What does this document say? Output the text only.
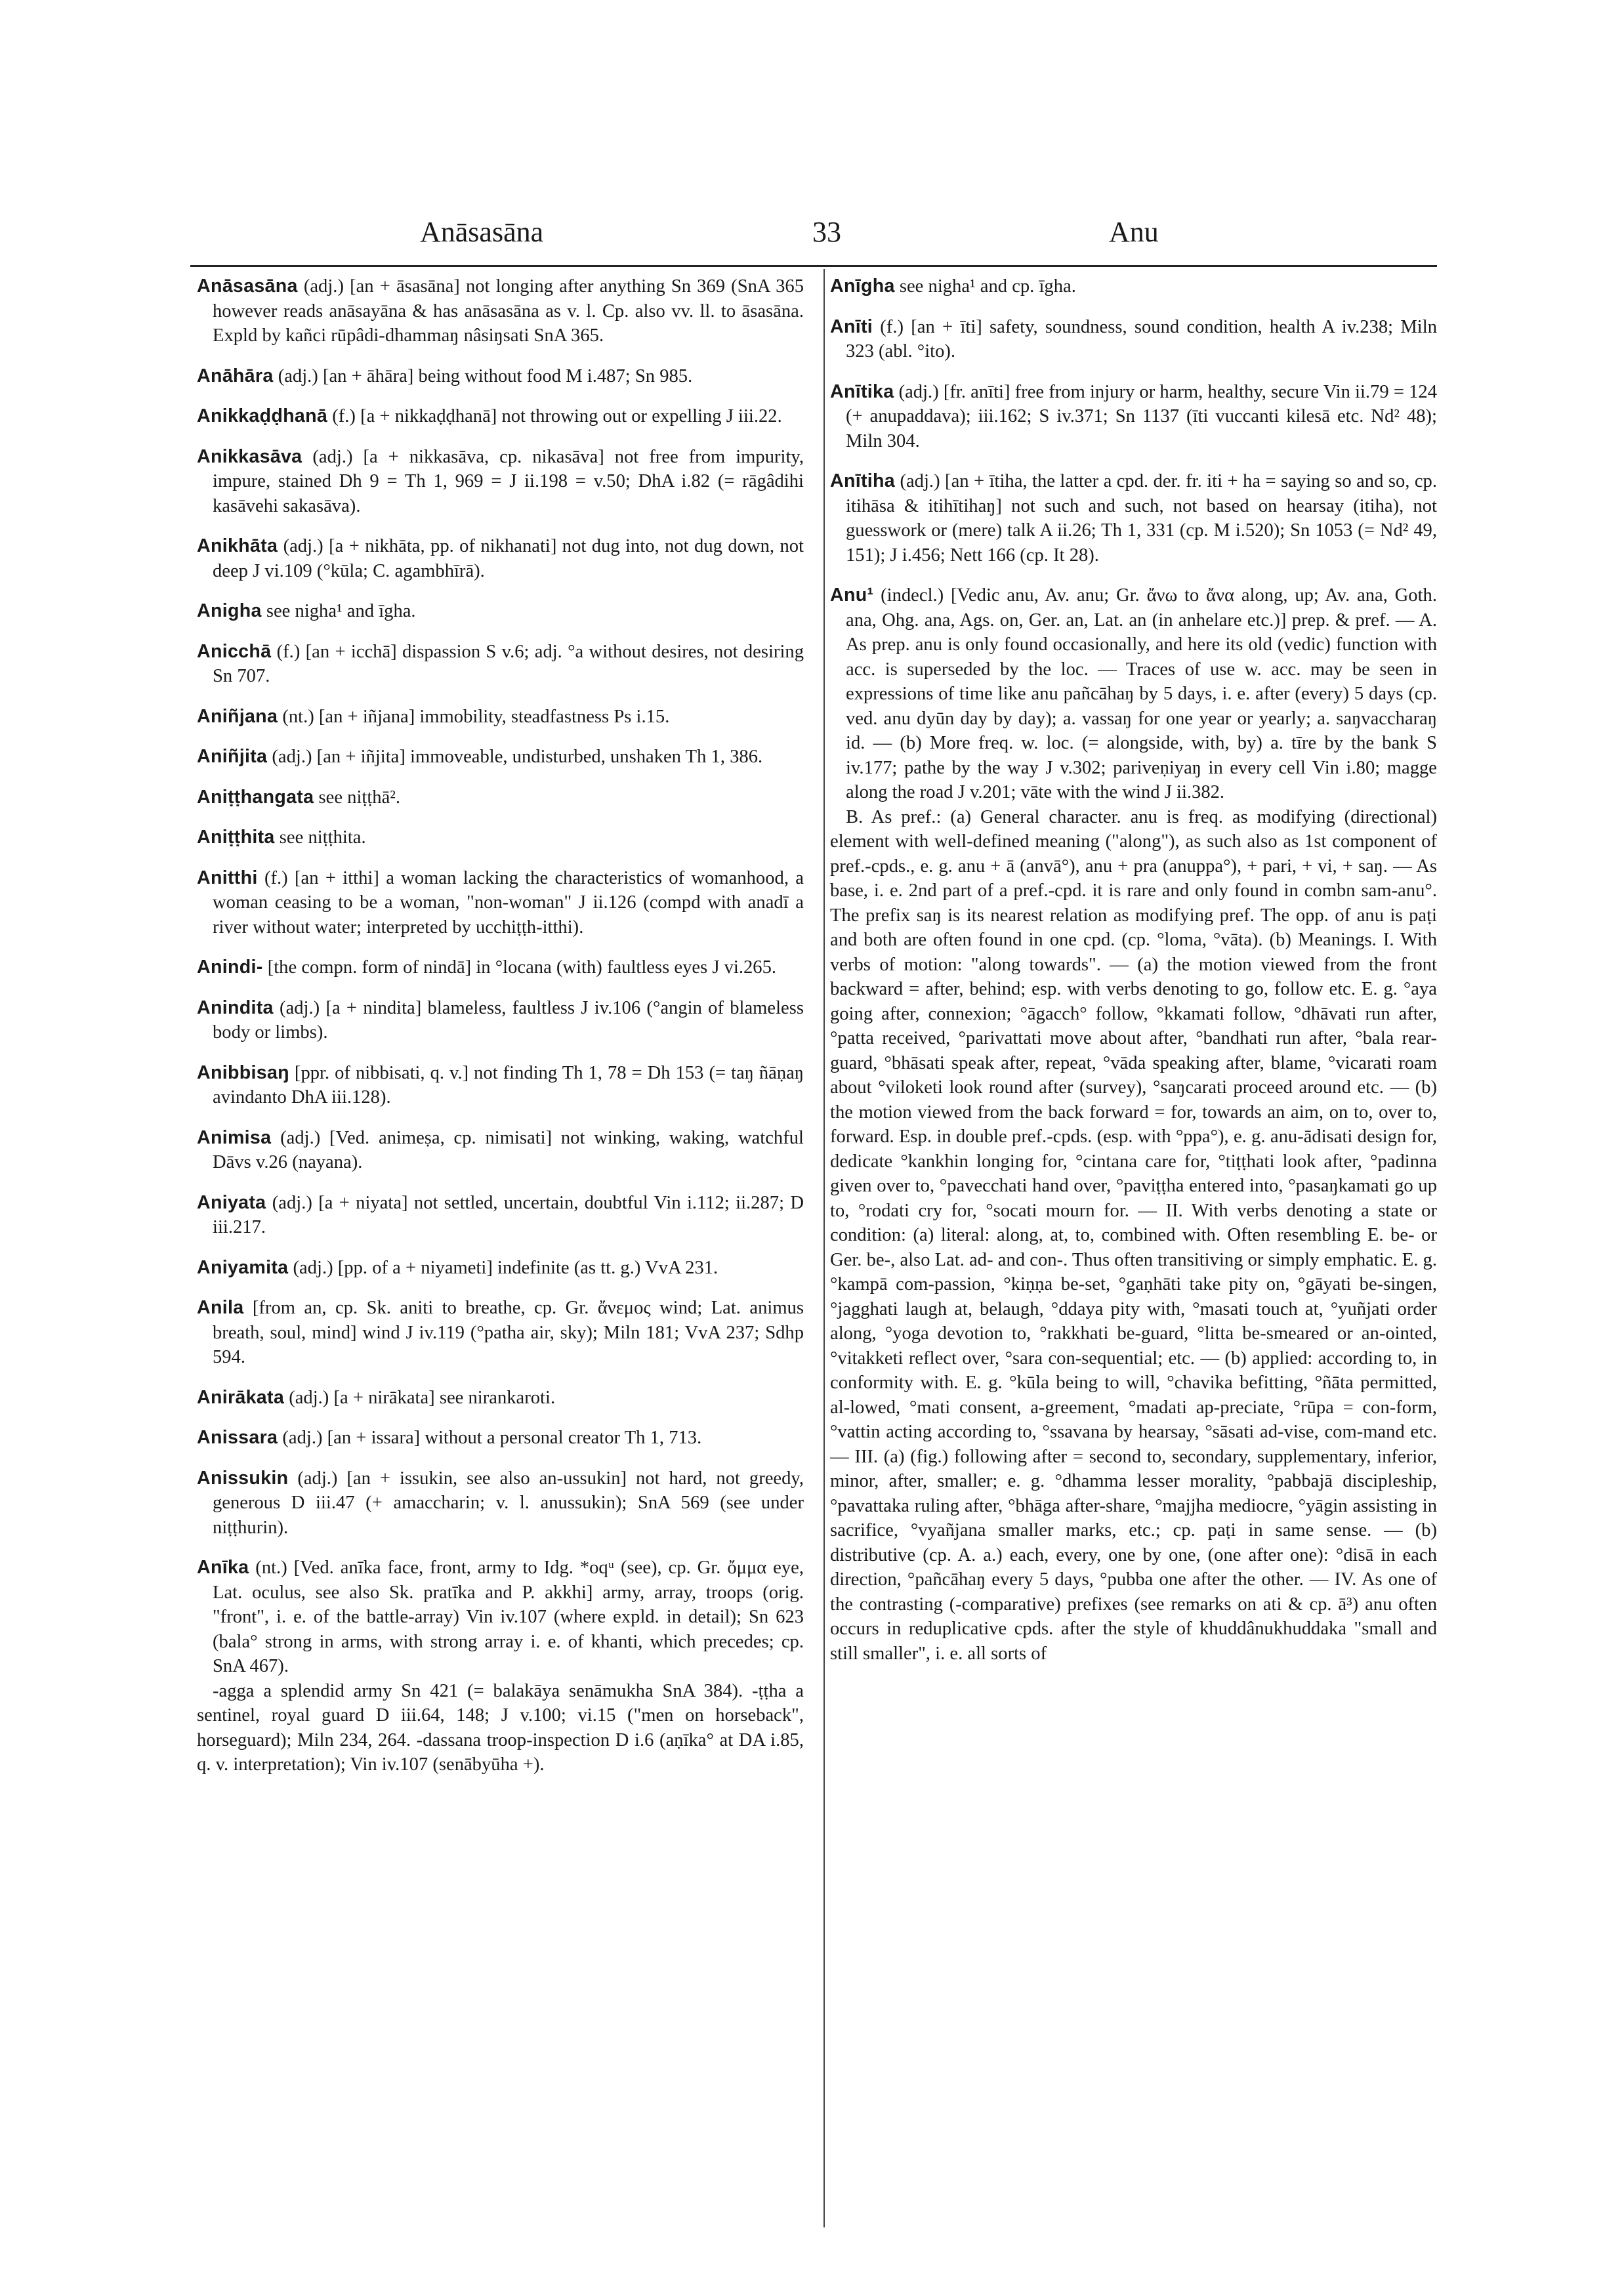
Anāsasāna	33	Anu

Anāsasāna (adj.) [an + āsasāna] not longing after anything Sn 369 (SnA 365 however reads anāsayāna & has anāsasāna as v. l. Cp. also vv. ll. to āsasāna. Expld by kañci rūpâdi-dhammaŋ nâsiŋsati SnA 365.

Anāhāra (adj.) [an + āhāra] being without food M i.487; Sn 985.

Anikkaḍḍhanā (f.) [a + nikkaḍḍhanā] not throwing out or expelling J iii.22.

Anikkasāva (adj.) [a + nikkasāva, cp. nikasāva] not free from impurity, impure, stained Dh 9 = Th 1, 969 = J ii.198 = v.50; DhA i.82 (= rāgâdihi kasāvehi sakasāva).

Anikhāta (adj.) [a + nikhāta, pp. of nikhanati] not dug into, not dug down, not deep J vi.109 (°kūla; C. agambhīrā).

Anigha see nigha¹ and īgha.

Anicchā (f.) [an + icchā] dispassion S v.6; adj. °a without desires, not desiring Sn 707.

Aniñjana (nt.) [an + iñjana] immobility, steadfastness Ps i.15.

Aniñjita (adj.) [an + iñjita] immoveable, undisturbed, unshaken Th 1, 386.

Aniṭṭhangata see niṭṭhā².

Aniṭṭhita see niṭṭhita.

Anitthi (f.) [an + itthi] a woman lacking the characteristics of womanhood, a woman ceasing to be a woman, "non-woman" J ii.126 (compd with anadī a river without water; interpreted by ucchiṭṭh-itthi).

Anindi- [the compn. form of nindā] in °locana (with) faultless eyes J vi.265.

Anindita (adj.) [a + nindita] blameless, faultless J iv.106 (°angin of blameless body or limbs).

Anibbisaŋ [ppr. of nibbisati, q. v.] not finding Th 1, 78 = Dh 153 (= taŋ ñāṇaŋ avindanto DhA iii.128).

Animisa (adj.) [Ved. animeṣa, cp. nimisati] not winking, waking, watchful Dāvs v.26 (nayana).

Aniyata (adj.) [a + niyata] not settled, uncertain, doubtful Vin i.112; ii.287; D iii.217.

Aniyamita (adj.) [pp. of a + niyameti] indefinite (as tt. g.) VvA 231.

Anila [from an, cp. Sk. aniti to breathe, cp. Gr. ἄνεμος wind; Lat. animus breath, soul, mind] wind J iv.119 (°patha air, sky); Miln 181; VvA 237; Sdhp 594.

Anirākata (adj.) [a + nirākata] see nirankaroti.

Anissara (adj.) [an + issara] without a personal creator Th 1, 713.

Anissukin (adj.) [an + issukin, see also an-ussukin] not hard, not greedy, generous D iii.47 (+ amaccharin; v. l. anussukin); SnA 569 (see under niṭṭhurin).

Anīka (nt.) [Ved. anīka face, front, army to Idg. *oqᵘ (see), cp. Gr. ὄμμα eye, Lat. oculus, see also Sk. pratīka and P. akkhi] army, array, troops (orig. "front", i. e. of the battle-array) Vin iv.107 (where expld. in detail); Sn 623 (bala° strong in arms, with strong array i. e. of khanti, which precedes; cp. SnA 467).

-agga a splendid army Sn 421 (= balakāya senāmukha SnA 384). -ṭṭha a sentinel, royal guard D iii.64, 148; J v.100; vi.15 ("men on horseback", horseguard); Miln 234, 264. -dassana troop-inspection D i.6 (aṇīka° at DA i.85, q. v. interpretation); Vin iv.107 (senābyūha +).

Anīgha see nigha¹ and cp. īgha.

Anīti (f.) [an + īti] safety, soundness, sound condition, health A iv.238; Miln 323 (abl. °ito).

Anītika (adj.) [fr. anīti] free from injury or harm, healthy, secure Vin ii.79 = 124 (+ anupaddava); iii.162; S iv.371; Sn 1137 (īti vuccanti kilesā etc. Nd² 48); Miln 304.

Anītiha (adj.) [an + ītiha, the latter a cpd. der. fr. iti + ha = saying so and so, cp. itihāsa & itihītihaŋ] not such and such, not based on hearsay (itiha), not guesswork or (mere) talk A ii.26; Th 1, 331 (cp. M i.520); Sn 1053 (= Nd² 49, 151); J i.456; Nett 166 (cp. It 28).

Anu¹ (indecl.) [Vedic anu, Av. anu; Gr. ἄνω to ἄνα along, up; Av. ana, Goth. ana, Ohg. ana, Ags. on, Ger. an, Lat. an (in anhelare etc.)] prep. & pref. — A. As prep. anu is only found occasionally, and here its old (vedic) function with acc. is superseded by the loc. — Traces of use w. acc. may be seen in expressions of time like anu pañcāhaŋ by 5 days, i. e. after (every) 5 days (cp. ved. anu dyūn day by day); a. vassaŋ for one year or yearly; a. saŋvaccharaŋ id. — (b) More freq. w. loc. (= alongside, with, by) a. tīre by the bank S iv.177; pathe by the way J v.302; pariveṇiyaŋ in every cell Vin i.80; magge along the road J v.201; vāte with the wind J ii.382.

B. As pref.: (a) General character. anu is freq. as modifying (directional) element with well-defined meaning ("along"), as such also as 1st component of pref.-cpds., e. g. anu + ā (anvā°), anu + pra (anuppa°), + pari, + vi, + saŋ. — As base, i. e. 2nd part of a pref.-cpd. it is rare and only found in combn sam-anu°. The prefix saŋ is its nearest relation as modifying pref. The opp. of anu is paṭi and both are often found in one cpd. (cp. °loma, °vāta). (b) Meanings. I. With verbs of motion: "along towards". — (a) the motion viewed from the front backward = after, behind; esp. with verbs denoting to go, follow etc. E. g. °aya going after, connexion; °āgacch° follow, °kkamati follow, °dhāvati run after, °patta received, °parivattati move about after, °bandhati run after, °bala rear-guard, °bhāsati speak after, repeat, °vāda speaking after, blame, °vicarati roam about °viloketi look round after (survey), °saŋcarati proceed around etc. — (b) the motion viewed from the back forward = for, towards an aim, on to, over to, forward. Esp. in double pref.-cpds. (esp. with °ppa°), e. g. anu-ādisati design for, dedicate °kankhin longing for, °cintana care for, °tiṭṭhati look after, °padinna given over to, °pavecchati hand over, °paviṭṭha entered into, °pasaŋkamati go up to, °rodati cry for, °socati mourn for. — II. With verbs denoting a state or condition: (a) literal: along, at, to, combined with. Often resembling E. be- or Ger. be-, also Lat. ad- and con-. Thus often transitiving or simply emphatic. E. g. °kampā com-passion, °kiṇṇa be-set, °gaṇhāti take pity on, °gāyati be-singen, °jagghati laugh at, belaugh, °ddaya pity with, °masati touch at, °yuñjati order along, °yoga devotion to, °rakkhati be-guard, °litta be-smeared or an-ointed, °vitakketi reflect over, °sara con-sequential; etc. — (b) applied: according to, in conformity with. E. g. °kūla being to will, °chavika befitting, °ñāta permitted, al-lowed, °mati consent, a-greement, °madati ap-preciate, °rūpa = con-form, °vattin acting according to, °ssavana by hearsay, °sāsati ad-vise, com-mand etc. — III. (a) (fig.) following after = second to, secondary, supplementary, inferior, minor, after, smaller; e. g. °dhamma lesser morality, °pabbajā discipleship, °pavattaka ruling after, °bhāga after-share, °majjha mediocre, °yāgin assisting in sacrifice, °vyañjana smaller marks, etc.; cp. paṭi in same sense. — (b) distributive (cp. A. a.) each, every, one by one, (one after one): °disā in each direction, °pañcāhaŋ every 5 days, °pubba one after the other. — IV. As one of the contrasting (-comparative) prefixes (see remarks on ati & cp. ā³) anu often occurs in reduplicative cpds. after the style of khuddânukhuddaka "small and still smaller", i. e. all sorts of
